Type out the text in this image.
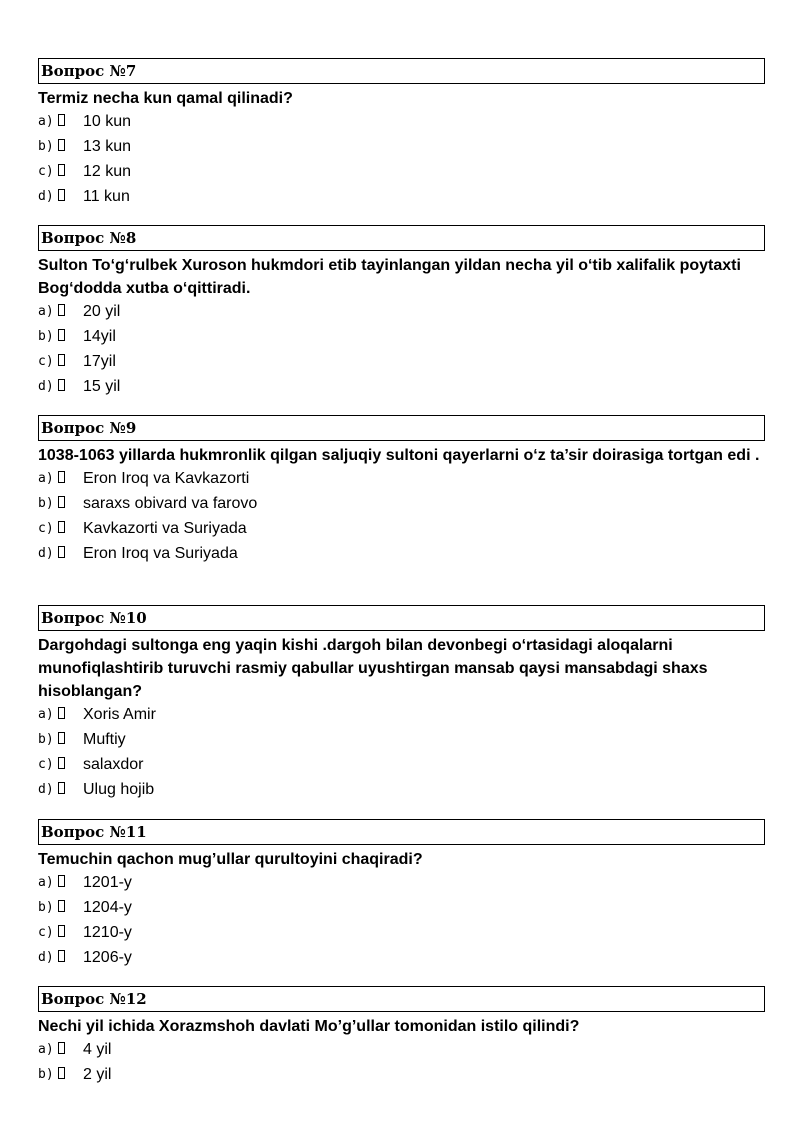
Вопрос №7
Termiz necha kun qamal qilinadi?
a) 10 kun
b) 13 kun
c) 12 kun
d) 11 kun
Вопрос №8
Sulton To‘g‘rulbek Xuroson hukmdori etib tayinlangan yildan necha yil o‘tib xalifalik poytaxti Bog‘dodda xutba o‘qittiradi.
a) 20 yil
b) 14yil
c) 17yil
d) 15 yil
Вопрос №9
1038-1063 yillarda hukmronlik qilgan saljuqiy sultoni qayerlarni o‘z ta’sir doirasiga tortgan edi .
a) Eron Iroq va Kavkazorti
b) saraxs obivard va farovo
c) Kavkazorti va Suriyada
d) Eron Iroq va Suriyada
Вопрос №10
Dargohdagi sultonga eng yaqin kishi .dargoh bilan devonbegi o‘rtasidagi aloqalarni munofiqlashtirib turuvchi rasmiy qabullar uyushtirgan mansab qaysi mansabdagi shaxs hisoblangan?
a) Xoris Amir
b) Muftiy
c) salaxdor
d) Ulug hojib
Вопрос №11
Temuchin qachon mug’ullar qurultoyini chaqiradi?
a) 1201-y
b) 1204-y
c) 1210-y
d) 1206-y
Вопрос №12
Nechi yil ichida Xorazmshoh davlati Mo’g’ullar tomonidan istilo qilindi?
a) 4 yil
b) 2 yil
